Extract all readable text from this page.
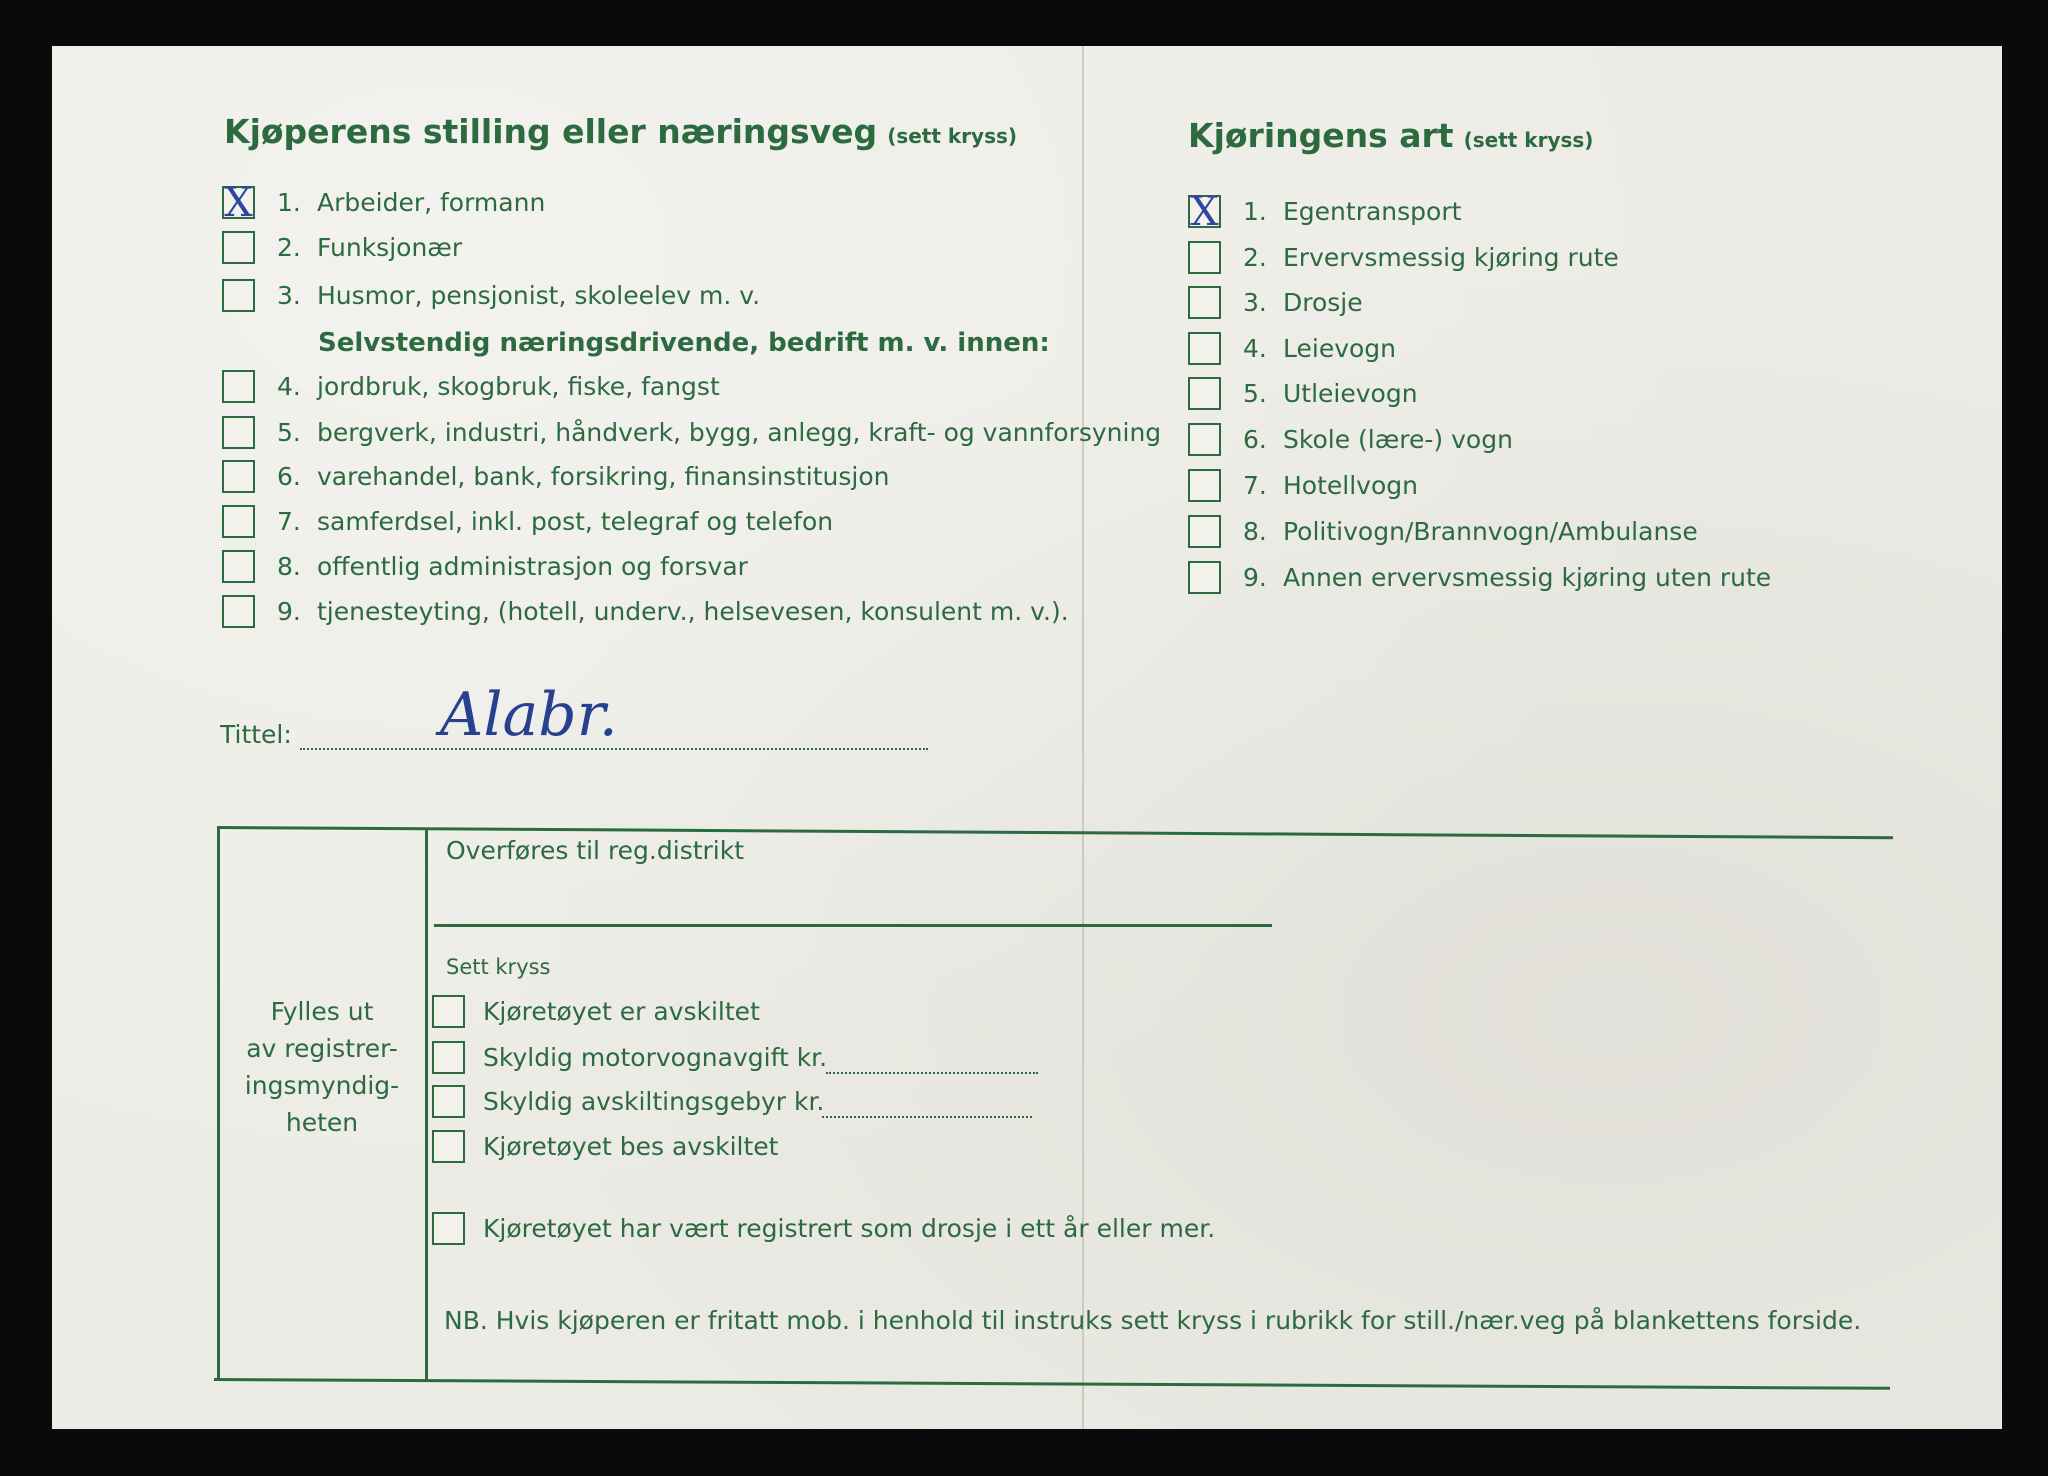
Kjøperens stilling eller næringsveg (sett kryss)
X 1. Arbeider, formann
2. Funksjonær
3. Husmor, pensjonist, skoleelev m. v.
Selvstendig næringsdrivende, bedrift m. v. innen:
4. jordbruk, skogbruk, fiske, fangst
5. bergverk, industri, håndverk, bygg, anlegg, kraft- og vannforsyning
6. varehandel, bank, forsikring, finansinstitusjon
7. samferdsel, inkl. post, telegraf og telefon
8. offentlig administrasjon og forsvar
9. tjenesteyting, (hotell, underv., helsevesen, konsulent m. v.).
Kjøringens art (sett kryss)
X 1. Egentransport
2. Ervervsmessig kjøring rute
3. Drosje
4. Leievogn
5. Utleievogn
6. Skole (lære-) vogn
7. Hotellvogn
8. Politivogn/Brannvogn/Ambulanse
9. Annen ervervsmessig kjøring uten rute
Tittel: Alabr.
Fylles ut
av registrer-
ingsmyndig-
heten
Overføres til reg.distrikt
Sett kryss
Kjøretøyet er avskiltet
Skyldig motorvognavgift kr.
Skyldig avskiltingsgebyr kr.
Kjøretøyet bes avskiltet
Kjøretøyet har vært registrert som drosje i ett år eller mer.
NB. Hvis kjøperen er fritatt mob. i henhold til instruks sett kryss i rubrikk for still./nær.veg på blankettens forside.
